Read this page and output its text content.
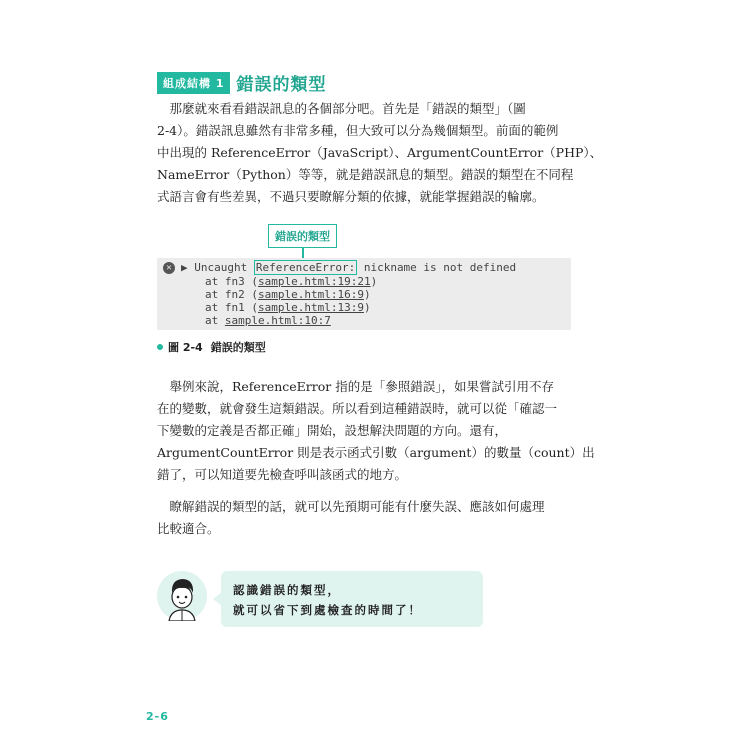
組成結構 1 錯誤的類型

　那麼就來看看錯誤訊息的各個部分吧。首先是「錯誤的類型」（圖
2-4）。錯誤訊息雖然有非常多種，但大致可以分為幾個類型。前面的範例
中出現的 ReferenceError（JavaScript）、ArgumentCountError（PHP）、
NameError（Python）等等，就是錯誤訊息的類型。錯誤的類型在不同程
式語言會有些差異，不過只要瞭解分類的依據，就能掌握錯誤的輪廓。

錯誤的類型
✕ ▶ Uncaught ReferenceError: nickname is not defined
at fn3 (sample.html:19:21)
at fn2 (sample.html:16:9)
at fn1 (sample.html:13:9)
at sample.html:10:7
圖 2-4 錯誤的類型

　舉例來說，ReferenceError 指的是「參照錯誤」，如果嘗試引用不存
在的變數，就會發生這類錯誤。所以看到這種錯誤時，就可以從「確認一
下變數的定義是否都正確」開始，設想解決問題的方向。還有，
ArgumentCountError 則是表示函式引數（argument）的數量（count）出
錯了，可以知道要先檢查呼叫該函式的地方。

　瞭解錯誤的類型的話，就可以先預期可能有什麼失誤、應該如何處理
比較適合。

認識錯誤的類型，
就可以省下到處檢查的時間了！
2-6
